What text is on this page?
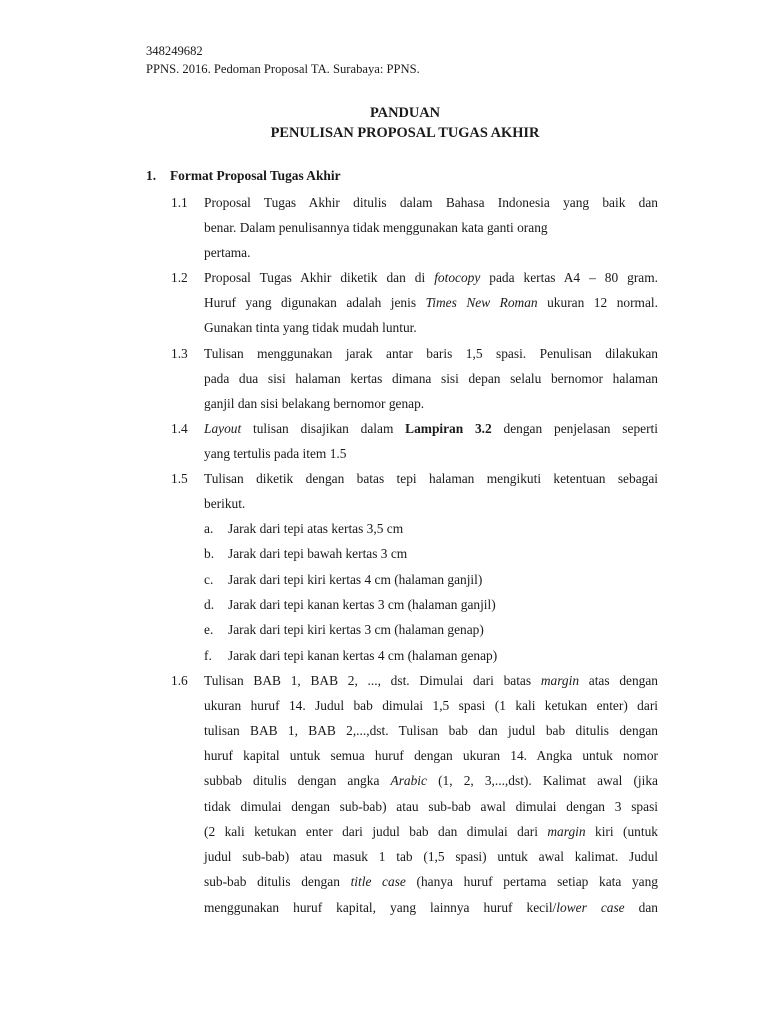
348249682
PPNS. 2016. Pedoman Proposal TA. Surabaya: PPNS.
PANDUAN
PENULISAN PROPOSAL TUGAS AKHIR
1. Format Proposal Tugas Akhir
1.1 Proposal Tugas Akhir ditulis dalam Bahasa Indonesia yang baik dan
benar. Dalam penulisannya tidak menggunakan kata ganti orang
pertama.
1.2 Proposal Tugas Akhir diketik dan di fotocopy pada kertas A4 – 80 gram.
Huruf yang digunakan adalah jenis Times New Roman ukuran 12 normal.
Gunakan tinta yang tidak mudah luntur.
1.3 Tulisan menggunakan jarak antar baris 1,5 spasi. Penulisan dilakukan
pada dua sisi halaman kertas dimana sisi depan selalu bernomor halaman
ganjil dan sisi belakang bernomor genap.
1.4 Layout tulisan disajikan dalam Lampiran 3.2 dengan penjelasan seperti
yang tertulis pada item 1.5
1.5 Tulisan diketik dengan batas tepi halaman mengikuti ketentuan sebagai
berikut.
a. Jarak dari tepi atas kertas 3,5 cm
b. Jarak dari tepi bawah kertas 3 cm
c. Jarak dari tepi kiri kertas 4 cm (halaman ganjil)
d. Jarak dari tepi kanan kertas 3 cm (halaman ganjil)
e. Jarak dari tepi kiri kertas 3 cm (halaman genap)
f. Jarak dari tepi kanan kertas 4 cm (halaman genap)
1.6 Tulisan BAB 1, BAB 2, ..., dst. Dimulai dari batas margin atas dengan
ukuran huruf 14. Judul bab dimulai 1,5 spasi (1 kali ketukan enter) dari
tulisan BAB 1, BAB 2,...,dst. Tulisan bab dan judul bab ditulis dengan
huruf kapital untuk semua huruf dengan ukuran 14. Angka untuk nomor
subbab ditulis dengan angka Arabic (1, 2, 3,...,dst). Kalimat awal (jika
tidak dimulai dengan sub-bab) atau sub-bab awal dimulai dengan 3 spasi
(2 kali ketukan enter dari judul bab dan dimulai dari margin kiri (untuk
judul sub-bab) atau masuk 1 tab (1,5 spasi) untuk awal kalimat. Judul
sub-bab ditulis dengan title case (hanya huruf pertama setiap kata yang
menggunakan huruf kapital, yang lainnya huruf kecil/lower case dan
